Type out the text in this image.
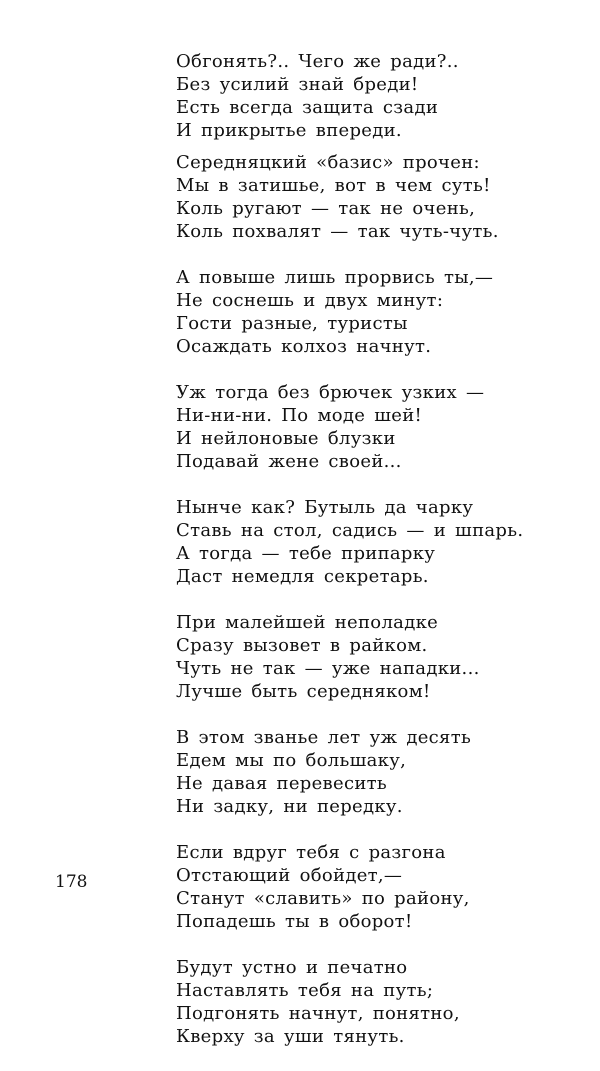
Обгонять?.. Чего же ради?..
Без усилий знай бреди!
Есть всегда защита сзади
И прикрытье впереди.
Середняцкий «базис» прочен:
Мы в затишье, вот в чем суть!
Коль ругают — так не очень,
Коль похвалят — так чуть-чуть.
А повыше лишь прорвись ты,—
Не соснешь и двух минут:
Гости разные, туристы
Осаждать колхоз начнут.
Уж тогда без брючек узких —
Ни-ни-ни. По моде шей!
И нейлоновые блузки
Подавай жене своей...
Нынче как? Бутыль да чарку
Ставь на стол, садись — и шпарь.
А тогда — тебе припарку
Даст немедля секретарь.
При малейшей неполадке
Сразу вызовет в райком.
Чуть не так — уже нападки...
Лучше быть середняком!
В этом званье лет уж десять
Едем мы по большаку,
Не давая перевесить
Ни задку, ни передку.
Если вдруг тебя с разгона
Отстающий обойдет,—
Станут «славить» по району,
Попадешь ты в оборот!
Будут устно и печатно
Наставлять тебя на путь;
Подгонять начнут, понятно,
Кверху за уши тянуть.
178
